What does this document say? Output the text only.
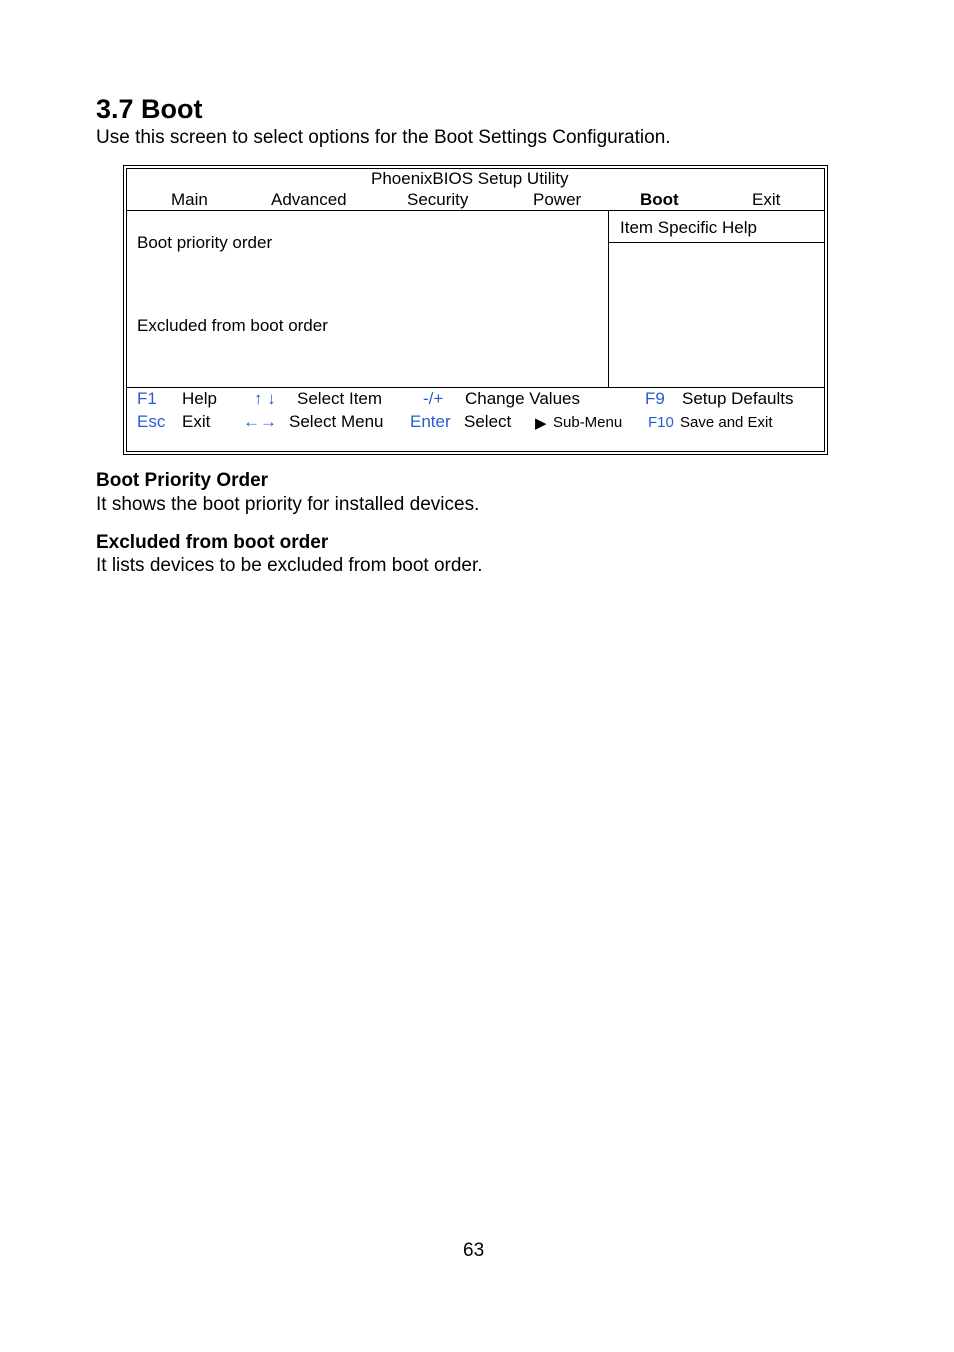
3.7 Boot
Use this screen to select options for the Boot Settings Configuration.
PhoenixBIOS Setup Utility
Main	Advanced	Security	Power	Boot	Exit
Boot priority order
Excluded from boot order
Item Specific Help
F1 Help ↑ ↓ Select Item -/+ Change Values	F9 Setup Defaults
Esc Exit ←→ Select Menu Enter Select ▶ Sub-Menu F10 Save and Exit
Boot Priority Order
It shows the boot priority for installed devices.
Excluded from boot order
It lists devices to be excluded from boot order.
63
